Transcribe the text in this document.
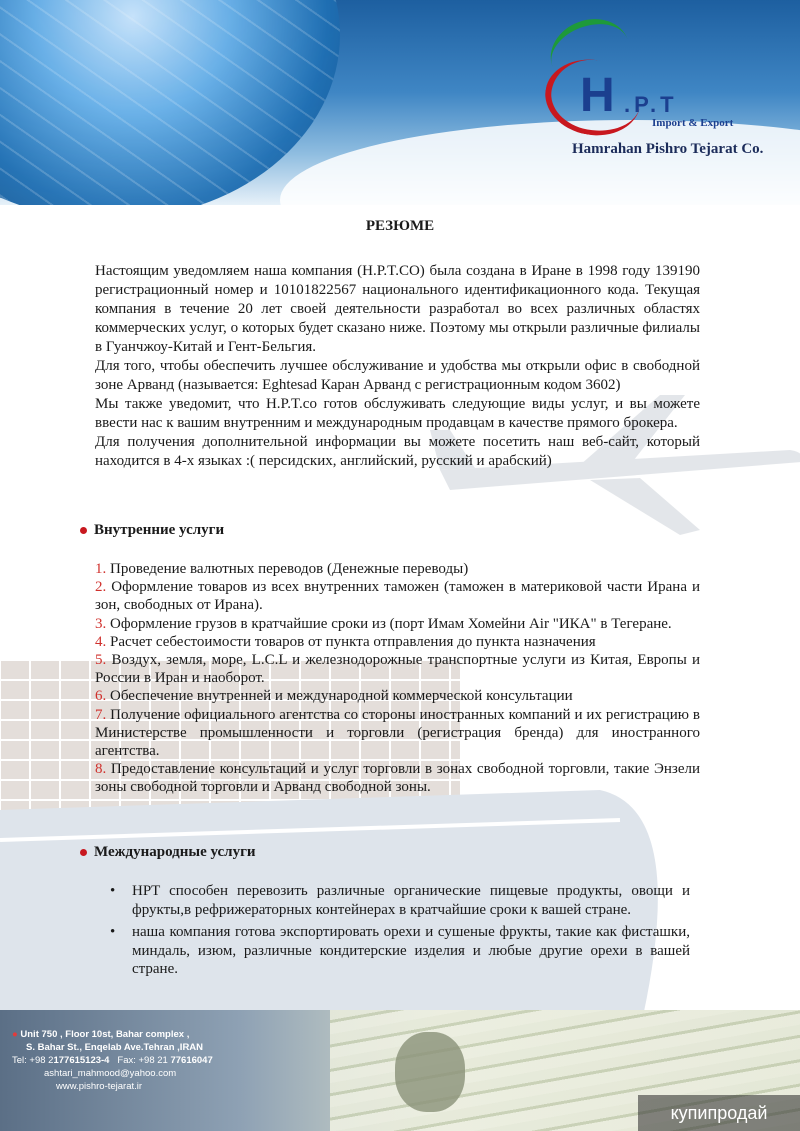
H .P.T
Import & Export
Hamrahan Pishro Tejarat Co.
РЕЗЮМЕ

Настоящим уведомляем наша компания (H.P.T.CO) была создана в Иране в 1998 году 139190 регистрационный номер и 10101822567 национального идентификационного кода. Текущая компания в течение 20 лет своей деятельности разработал во всех различных областях коммерческих услуг, о которых будет сказано ниже. Поэтому мы открыли различные филиалы в Гуанчжоу-Китай и Гент-Бельгия.

Для того, чтобы обеспечить лучшее обслуживание и удобства мы открыли офис в свободной зоне Арванд (называется: Eghtesad Каран Арванд с регистрационным кодом 3602)

Мы также уведомит, что H.P.T.co готов обслуживать следующие виды услуг, и вы можете ввести нас к вашим внутренним и международным продавцам в качестве прямого брокера.

Для получения дополнительной информации вы можете посетить наш веб-сайт, который находится в 4-х языках :( персидских, английский, русский и арабский)

Внутренние услуги

1. Проведение валютных переводов (Денежные переводы)

2. Оформление товаров из всех внутренних таможен (таможен в материковой части Ирана и зон, свободных от Ирана).

3. Оформление грузов в кратчайшие сроки из (порт Имам Хомейни Air "ИКА" в Тегеране.

4. Расчет себестоимости товаров от пункта отправления до пункта назначения

5. Воздух, земля, море, L.C.L и железнодорожные транспортные услуги из Китая, Европы и России в Иран и наоборот.

6. Обеспечение внутренней и международной коммерческой консультации

7. Получение официального агентства со стороны иностранных компаний и их регистрацию в Министерстве промышленности и торговли (регистрация бренда) для иностранного агентства.

8. Предоставление консультаций и услуг торговли в зонах свободной торговли, такие Энзели зоны свободной торговли и Арванд свободной зоны.

Международные услуги
• HPT способен перевозить различные органические пищевые продукты, овощи и фрукты,в рефрижераторных контейнерах в кратчайшие сроки к вашей стране.
• наша компания готова экспортировать орехи и сушеные фрукты, такие как фисташки, миндаль, изюм, различные кондитерские изделия и любые другие орехи в вашей стране.
● Unit 750 , Floor 10st, Bahar complex ,
S. Bahar St., Enqelab Ave.Tehran ,IRAN
Tel: +98 2177615123-4 Fax: +98 21 77616047
ashtari_mahmood@yahoo.com
www.pishro-tejarat.ir
купипродай
